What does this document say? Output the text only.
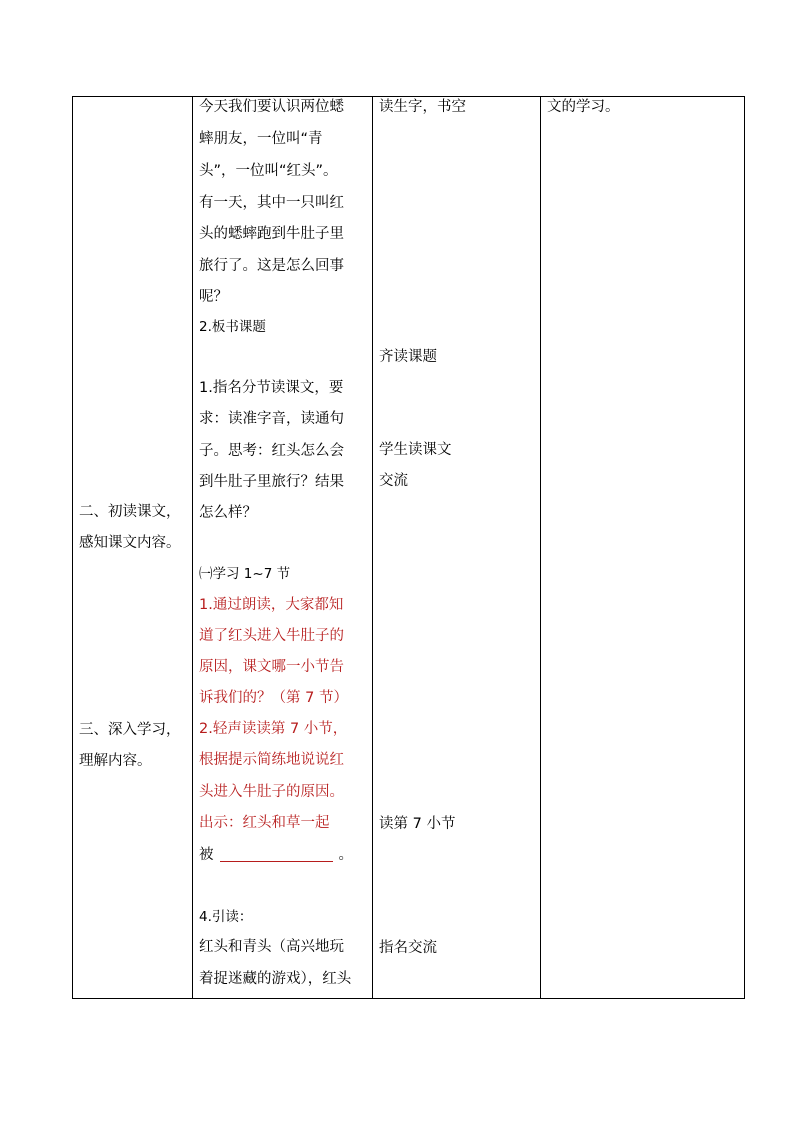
二、初读课文，
感知课文内容。
三、深入学习，
理解内容。
今天我们要认识两位蟋
蟀朋友，一位叫“青
头”，一位叫“红头”。
有一天，其中一只叫红
头的蟋蟀跑到牛肚子里
旅行了。这是怎么回事
呢？
2.板书课题
1.指名分节读课文，要
求：读准字音，读通句
子。思考：红头怎么会
到牛肚子里旅行？结果
怎么样？
㈠学习 1~7 节
1.通过朗读，大家都知
道了红头进入牛肚子的
原因，课文哪一小节告
诉我们的？（第 7 节）
2.轻声读读第 7 小节，
根据提示简练地说说红
头进入牛肚子的原因。
出示：红头和草一起
被	。
4.引读：
红头和青头（高兴地玩
着捉迷藏的游戏），红头
读生字，书空
齐读课题
学生读课文
交流
读第 7 小节
指名交流
文的学习。
